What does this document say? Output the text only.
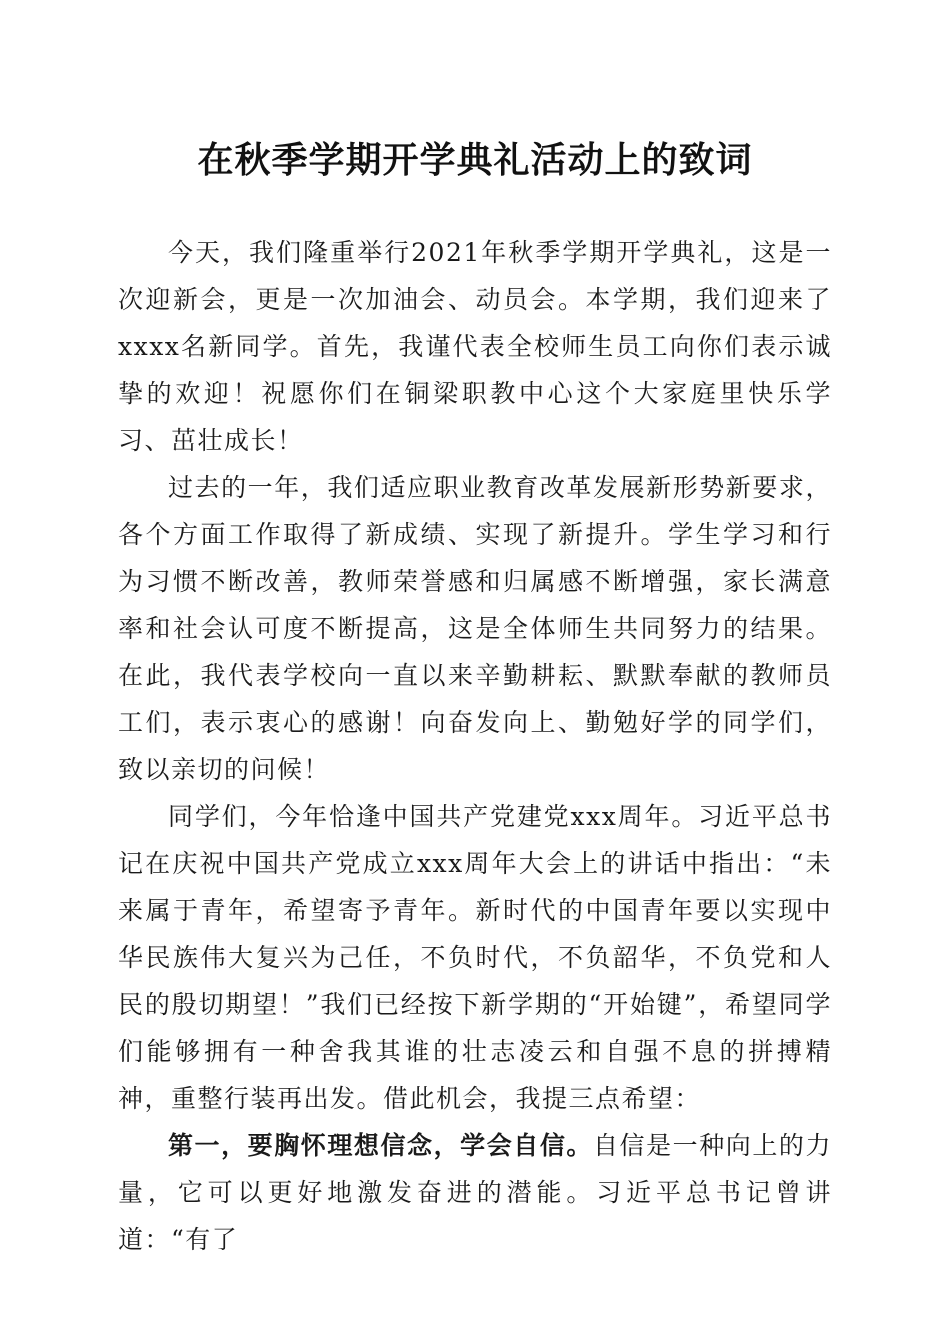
在秋季学期开学典礼活动上的致词

今天，我们隆重举行2021年秋季学期开学典礼，这是一次迎新会，更是一次加油会、动员会。本学期，我们迎来了xxxx名新同学。首先，我谨代表全校师生员工向你们表示诚挚的欢迎！祝愿你们在铜梁职教中心这个大家庭里快乐学习、茁壮成长！

过去的一年，我们适应职业教育改革发展新形势新要求，各个方面工作取得了新成绩、实现了新提升。学生学习和行为习惯不断改善，教师荣誉感和归属感不断增强，家长满意率和社会认可度不断提高，这是全体师生共同努力的结果。在此，我代表学校向一直以来辛勤耕耘、默默奉献的教师员工们，表示衷心的感谢！向奋发向上、勤勉好学的同学们，致以亲切的问候！

同学们，今年恰逢中国共产党建党xxx周年。习近平总书记在庆祝中国共产党成立xxx周年大会上的讲话中指出：“未来属于青年，希望寄予青年。新时代的中国青年要以实现中华民族伟大复兴为己任，不负时代，不负韶华，不负党和人民的殷切期望！”我们已经按下新学期的“开始键”，希望同学们能够拥有一种舍我其谁的壮志凌云和自强不息的拼搏精神，重整行装再出发。借此机会，我提三点希望：

第一，要胸怀理想信念，学会自信。自信是一种向上的力量，它可以更好地激发奋进的潜能。习近平总书记曾讲道：“有了
